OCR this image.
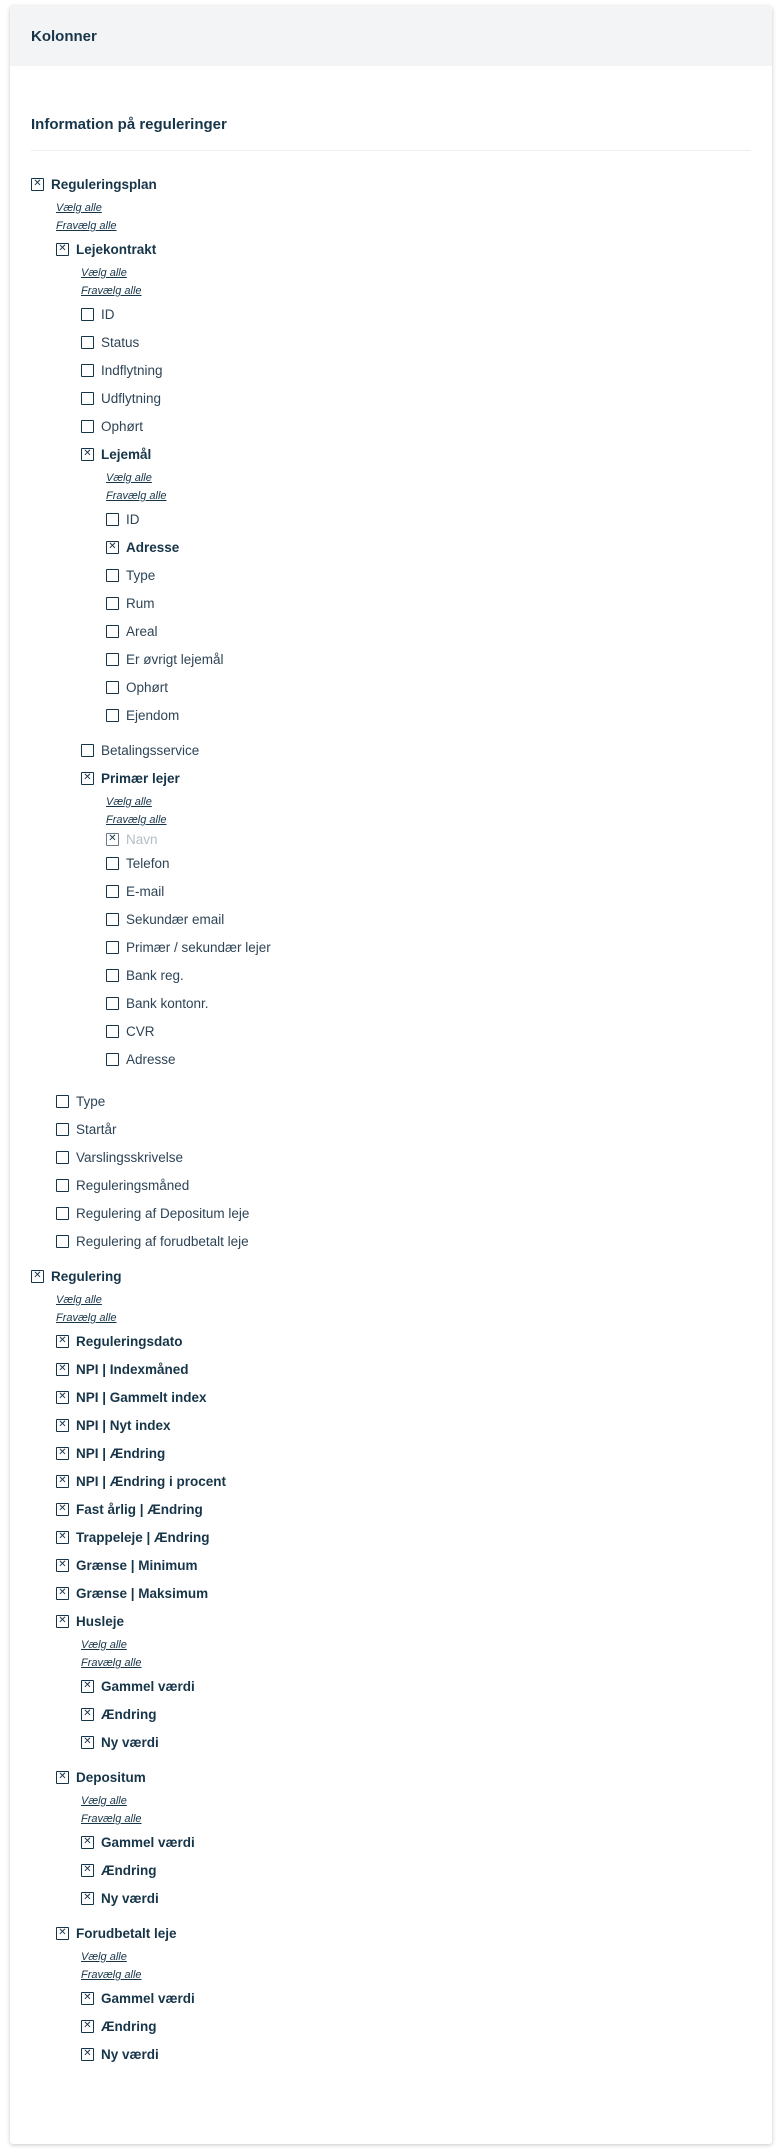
Kolonner
Information på reguleringer
✕
Reguleringsplan
Vælg alle
Fravælg alle
✕
Lejekontrakt
Vælg alle
Fravælg alle
ID
Status
Indflytning
Udflytning
Ophørt
✕
Lejemål
Vælg alle
Fravælg alle
ID
✕
Adresse
Type
Rum
Areal
Er øvrigt lejemål
Ophørt
Ejendom
Betalingsservice
✕
Primær lejer
Vælg alle
Fravælg alle
✕
Navn
Telefon
E-mail
Sekundær email
Primær / sekundær lejer
Bank reg.
Bank kontonr.
CVR
Adresse
Type
Startår
Varslingsskrivelse
Reguleringsmåned
Regulering af Depositum leje
Regulering af forudbetalt leje
✕
Regulering
Vælg alle
Fravælg alle
✕
Reguleringsdato
✕
NPI | Indexmåned
✕
NPI | Gammelt index
✕
NPI | Nyt index
✕
NPI | Ændring
✕
NPI | Ændring i procent
✕
Fast årlig | Ændring
✕
Trappeleje | Ændring
✕
Grænse | Minimum
✕
Grænse | Maksimum
✕
Husleje
Vælg alle
Fravælg alle
✕
Gammel værdi
✕
Ændring
✕
Ny værdi
✕
Depositum
Vælg alle
Fravælg alle
✕
Gammel værdi
✕
Ændring
✕
Ny værdi
✕
Forudbetalt leje
Vælg alle
Fravælg alle
✕
Gammel værdi
✕
Ændring
✕
Ny værdi
